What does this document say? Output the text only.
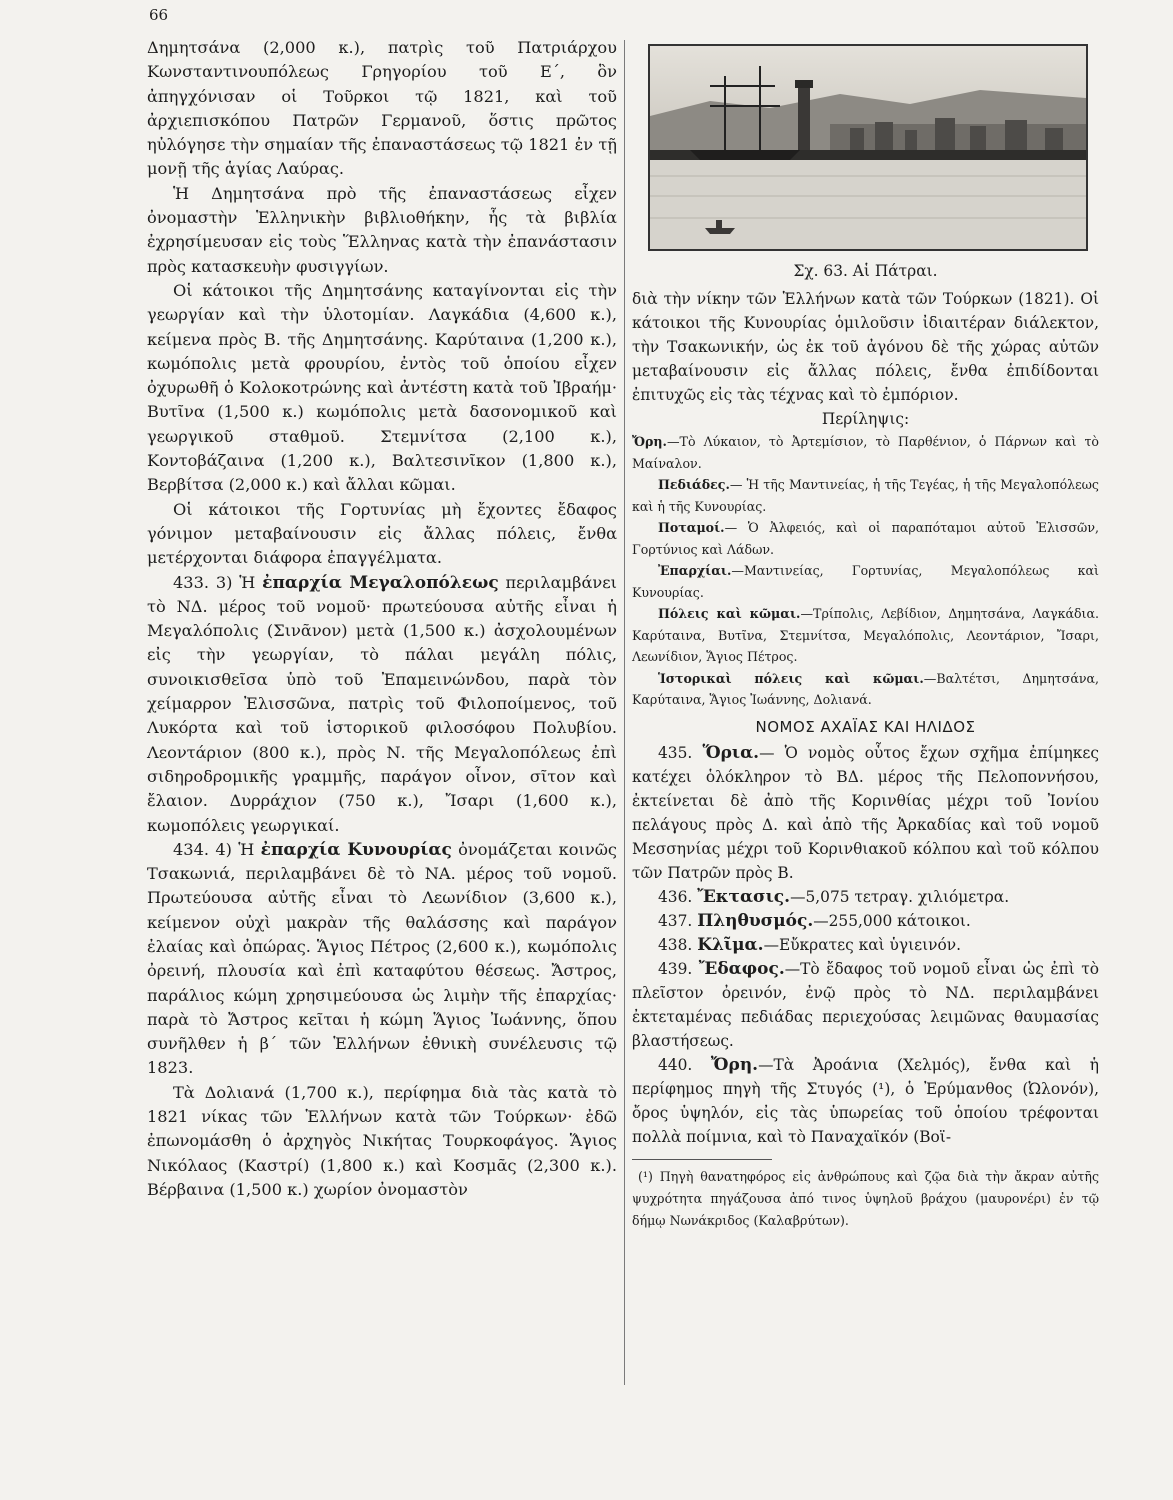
66

Δημητσάνα (2,000 κ.), πατρὶς τοῦ Πατριάρχου Κωνσταντινουπόλεως Γρηγορίου τοῦ Ε΄, ὃν ἀπηγχόνισαν οἱ Τοῦρκοι τῷ 1821, καὶ τοῦ ἀρχιεπισκόπου Πατρῶν Γερμανοῦ, ὅστις πρῶτος ηὐλόγησε τὴν σημαίαν τῆς ἐπαναστάσεως τῷ 1821 ἐν τῇ μονῇ τῆς ἁγίας Λαύρας.

Ἡ Δημητσάνα πρὸ τῆς ἐπαναστάσεως εἶχεν ὀνομαστὴν Ἑλληνικὴν βιβλιοθήκην, ἧς τὰ βιβλία ἐχρησίμευσαν εἰς τοὺς Ἕλληνας κατὰ τὴν ἐπανάστασιν πρὸς κατασκευὴν φυσιγγίων.

Οἱ κάτοικοι τῆς Δημητσάνης καταγίνονται εἰς τὴν γεωργίαν καὶ τὴν ὑλοτομίαν. Λαγκάδια (4,600 κ.), κείμενα πρὸς Β. τῆς Δημητσάνης. Καρύταινα (1,200 κ.), κωμόπολις μετὰ φρουρίου, ἐντὸς τοῦ ὁποίου εἶχεν ὀχυρωθῆ ὁ Κολοκοτρώνης καὶ ἀντέστη κατὰ τοῦ Ἰβραήμ· Βυτῖνα (1,500 κ.) κωμόπολις μετὰ δασονομικοῦ καὶ γεωργικοῦ σταθμοῦ. Στεμνίτσα (2,100 κ.), Κοντοβάζαινα (1,200 κ.), Βαλτεσινῖκον (1,800 κ.), Βερβίτσα (2,000 κ.) καὶ ἄλλαι κῶμαι.

Οἱ κάτοικοι τῆς Γορτυνίας μὴ ἔχοντες ἔδαφος γόνιμον μεταβαίνουσιν εἰς ἄλλας πόλεις, ἔνθα μετέρχονται διάφορα ἐπαγγέλματα.

433. 3) Ἡ ἐπαρχία Μεγαλοπόλεως περιλαμβάνει τὸ ΝΔ. μέρος τοῦ νομοῦ· πρωτεύουσα αὐτῆς εἶναι ἡ Μεγαλόπολις (Σινᾶνον) μετὰ (1,500 κ.) ἀσχολουμένων εἰς τὴν γεωργίαν, τὸ πάλαι μεγάλη πόλις, συνοικισθεῖσα ὑπὸ τοῦ Ἐπαμεινώνδου, παρὰ τὸν χείμαρρον Ἐλισσῶνα, πατρὶς τοῦ Φιλοποίμενος, τοῦ Λυκόρτα καὶ τοῦ ἱστορικοῦ φιλοσόφου Πολυβίου. Λεοντάριον (800 κ.), πρὸς Ν. τῆς Μεγαλοπόλεως ἐπὶ σιδηροδρομικῆς γραμμῆς, παράγον οἶνον, σῖτον καὶ ἔλαιον. Δυρράχιον (750 κ.), Ἴσαρι (1,600 κ.), κωμοπόλεις γεωργικαί.

434. 4) Ἡ ἐπαρχία Κυνουρίας ὀνομάζεται κοινῶς Τσακωνιά, περιλαμβάνει δὲ τὸ ΝΑ. μέρος τοῦ νομοῦ. Πρωτεύουσα αὐτῆς εἶναι τὸ Λεωνίδιον (3,600 κ.), κείμενον οὐχὶ μακρὰν τῆς θαλάσσης καὶ παράγον ἐλαίας καὶ ὀπώρας. Ἅγιος Πέτρος (2,600 κ.), κωμόπολις ὀρεινή, πλουσία καὶ ἐπὶ καταφύτου θέσεως. Ἄστρος, παράλιος κώμη χρησιμεύουσα ὡς λιμὴν τῆς ἐπαρχίας· παρὰ τὸ Ἄστρος κεῖται ἡ κώμη Ἅγιος Ἰωάννης, ὅπου συνῆλθεν ἡ β΄ τῶν Ἑλλήνων ἐθνικὴ συνέλευσις τῷ 1823.

Τὰ Δολιανά (1,700 κ.), περίφημα διὰ τὰς κατὰ τὸ 1821 νίκας τῶν Ἑλλήνων κατὰ τῶν Τούρκων· ἐδῶ ἐπωνομάσθη ὁ ἀρχηγὸς Νικήτας Τουρκοφάγος. Ἅγιος Νικόλαος (Καστρί) (1,800 κ.) καὶ Κοσμᾶς (2,300 κ.). Βέρβαινα (1,500 κ.) χωρίον ὀνομαστὸν

Σχ. 63. Αἱ Πάτραι.

διὰ τὴν νίκην τῶν Ἑλλήνων κατὰ τῶν Τούρκων (1821). Οἱ κάτοικοι τῆς Κυνουρίας ὁμιλοῦσιν ἰδιαιτέραν διάλεκτον, τὴν Τσακωνικήν, ὡς ἐκ τοῦ ἀγόνου δὲ τῆς χώρας αὐτῶν μεταβαίνουσιν εἰς ἄλλας πόλεις, ἔνθα ἐπιδίδονται ἐπιτυχῶς εἰς τὰς τέχνας καὶ τὸ ἐμπόριον.

Περίληψις:

Ὄρη.—Τὸ Λύκαιον, τὸ Ἀρτεμίσιον, τὸ Παρθένιον, ὁ Πάρνων καὶ τὸ Μαίναλον.

Πεδιάδες.— Ἡ τῆς Μαντινείας, ἡ τῆς Τεγέας, ἡ τῆς Μεγαλοπόλεως καὶ ἡ τῆς Κυνουρίας.

Ποταμοί.— Ὁ Ἀλφειός, καὶ οἱ παραπόταμοι αὐτοῦ Ἐλισσῶν, Γορτύνιος καὶ Λάδων.

Ἐπαρχίαι.—Μαντινείας, Γορτυνίας, Μεγαλοπόλεως καὶ Κυνουρίας.

Πόλεις καὶ κῶμαι.—Τρίπολις, Λεβίδιον, Δημητσάνα, Λαγκάδια. Καρύταινα, Βυτῖνα, Στεμνίτσα, Μεγαλόπολις, Λεοντάριον, Ἴσαρι, Λεωνίδιον, Ἅγιος Πέτρος.

Ἱστορικαὶ πόλεις καὶ κῶμαι.—Βαλτέτσι, Δημητσάνα, Καρύταινα, Ἅγιος Ἰωάννης, Δολιανά.

ΝΟΜΟΣ ΑΧΑΪΑΣ ΚΑΙ ΗΛΙΔΟΣ

435. Ὅρια.— Ὁ νομὸς οὗτος ἔχων σχῆμα ἐπίμηκες κατέχει ὁλόκληρον τὸ ΒΔ. μέρος τῆς Πελοποννήσου, ἐκτείνεται δὲ ἀπὸ τῆς Κορινθίας μέχρι τοῦ Ἰονίου πελάγους πρὸς Δ. καὶ ἀπὸ τῆς Ἀρκαδίας καὶ τοῦ νομοῦ Μεσσηνίας μέχρι τοῦ Κορινθιακοῦ κόλπου καὶ τοῦ κόλπου τῶν Πατρῶν πρὸς Β.

436. Ἔκτασις.—5,075 τετραγ. χιλιόμετρα.

437. Πληθυσμός.—255,000 κάτοικοι.

438. Κλῖμα.—Εὔκρατες καὶ ὑγιεινόν.

439. Ἔδαφος.—Τὸ ἔδαφος τοῦ νομοῦ εἶναι ὡς ἐπὶ τὸ πλεῖστον ὀρεινόν, ἐνῷ πρὸς τὸ ΝΔ. περιλαμβάνει ἐκτεταμένας πεδιάδας περιεχούσας λειμῶνας θαυμασίας βλαστήσεως.

440. Ὄρη.—Τὰ Ἀροάνια (Χελμός), ἔνθα καὶ ἡ περίφημος πηγὴ τῆς Στυγός (¹), ὁ Ἐρύμανθος (Ὠλονόν), ὄρος ὑψηλόν, εἰς τὰς ὑπωρείας τοῦ ὁποίου τρέφονται πολλὰ ποίμνια, καὶ τὸ Παναχαϊκόν (Βοϊ-

(¹) Πηγὴ θανατηφόρος εἰς ἀνθρώπους καὶ ζῷα διὰ τὴν ἄκραν αὐτῆς ψυχρότητα πηγάζουσα ἀπό τινος ὑψηλοῦ βράχου (μαυρονέρι) ἐν τῷ δήμῳ Νωνάκριδος (Καλαβρύτων).
